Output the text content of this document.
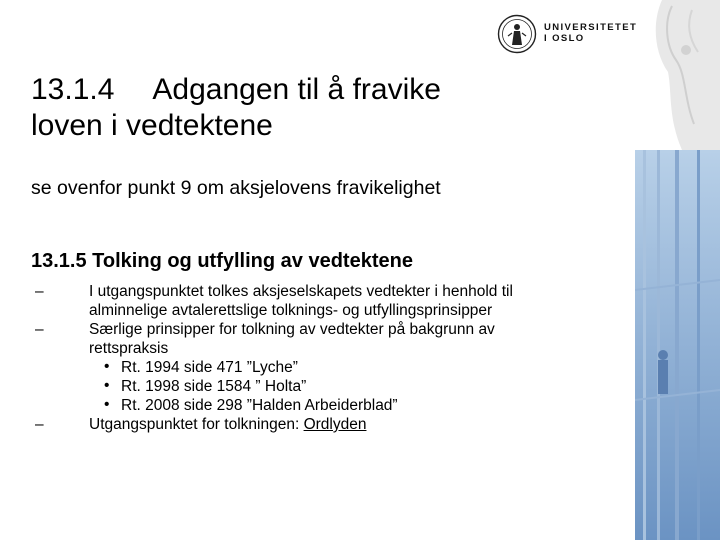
UNIVERSITETET
I OSLO
13.1.4 Adgangen til å fravike
loven i vedtektene

se ovenfor punkt 9 om aksjelovens fravikelighet

13.1.5 Tolking og utfylling av vedtektene

–	I utgangspunktet tolkes aksjeselskapets vedtekter i henhold til
alminnelige avtalerettslige tolknings- og utfyllingsprinsipper
–	Særlige prinsipper for tolkning av vedtekter på bakgrunn av
rettspraksis
• Rt. 1994 side 471 ”Lyche”
• Rt. 1998 side 1584 ” Holta”
• Rt. 2008 side 298 ”Halden Arbeiderblad”
–	Utgangspunktet for tolkningen: Ordlyden
